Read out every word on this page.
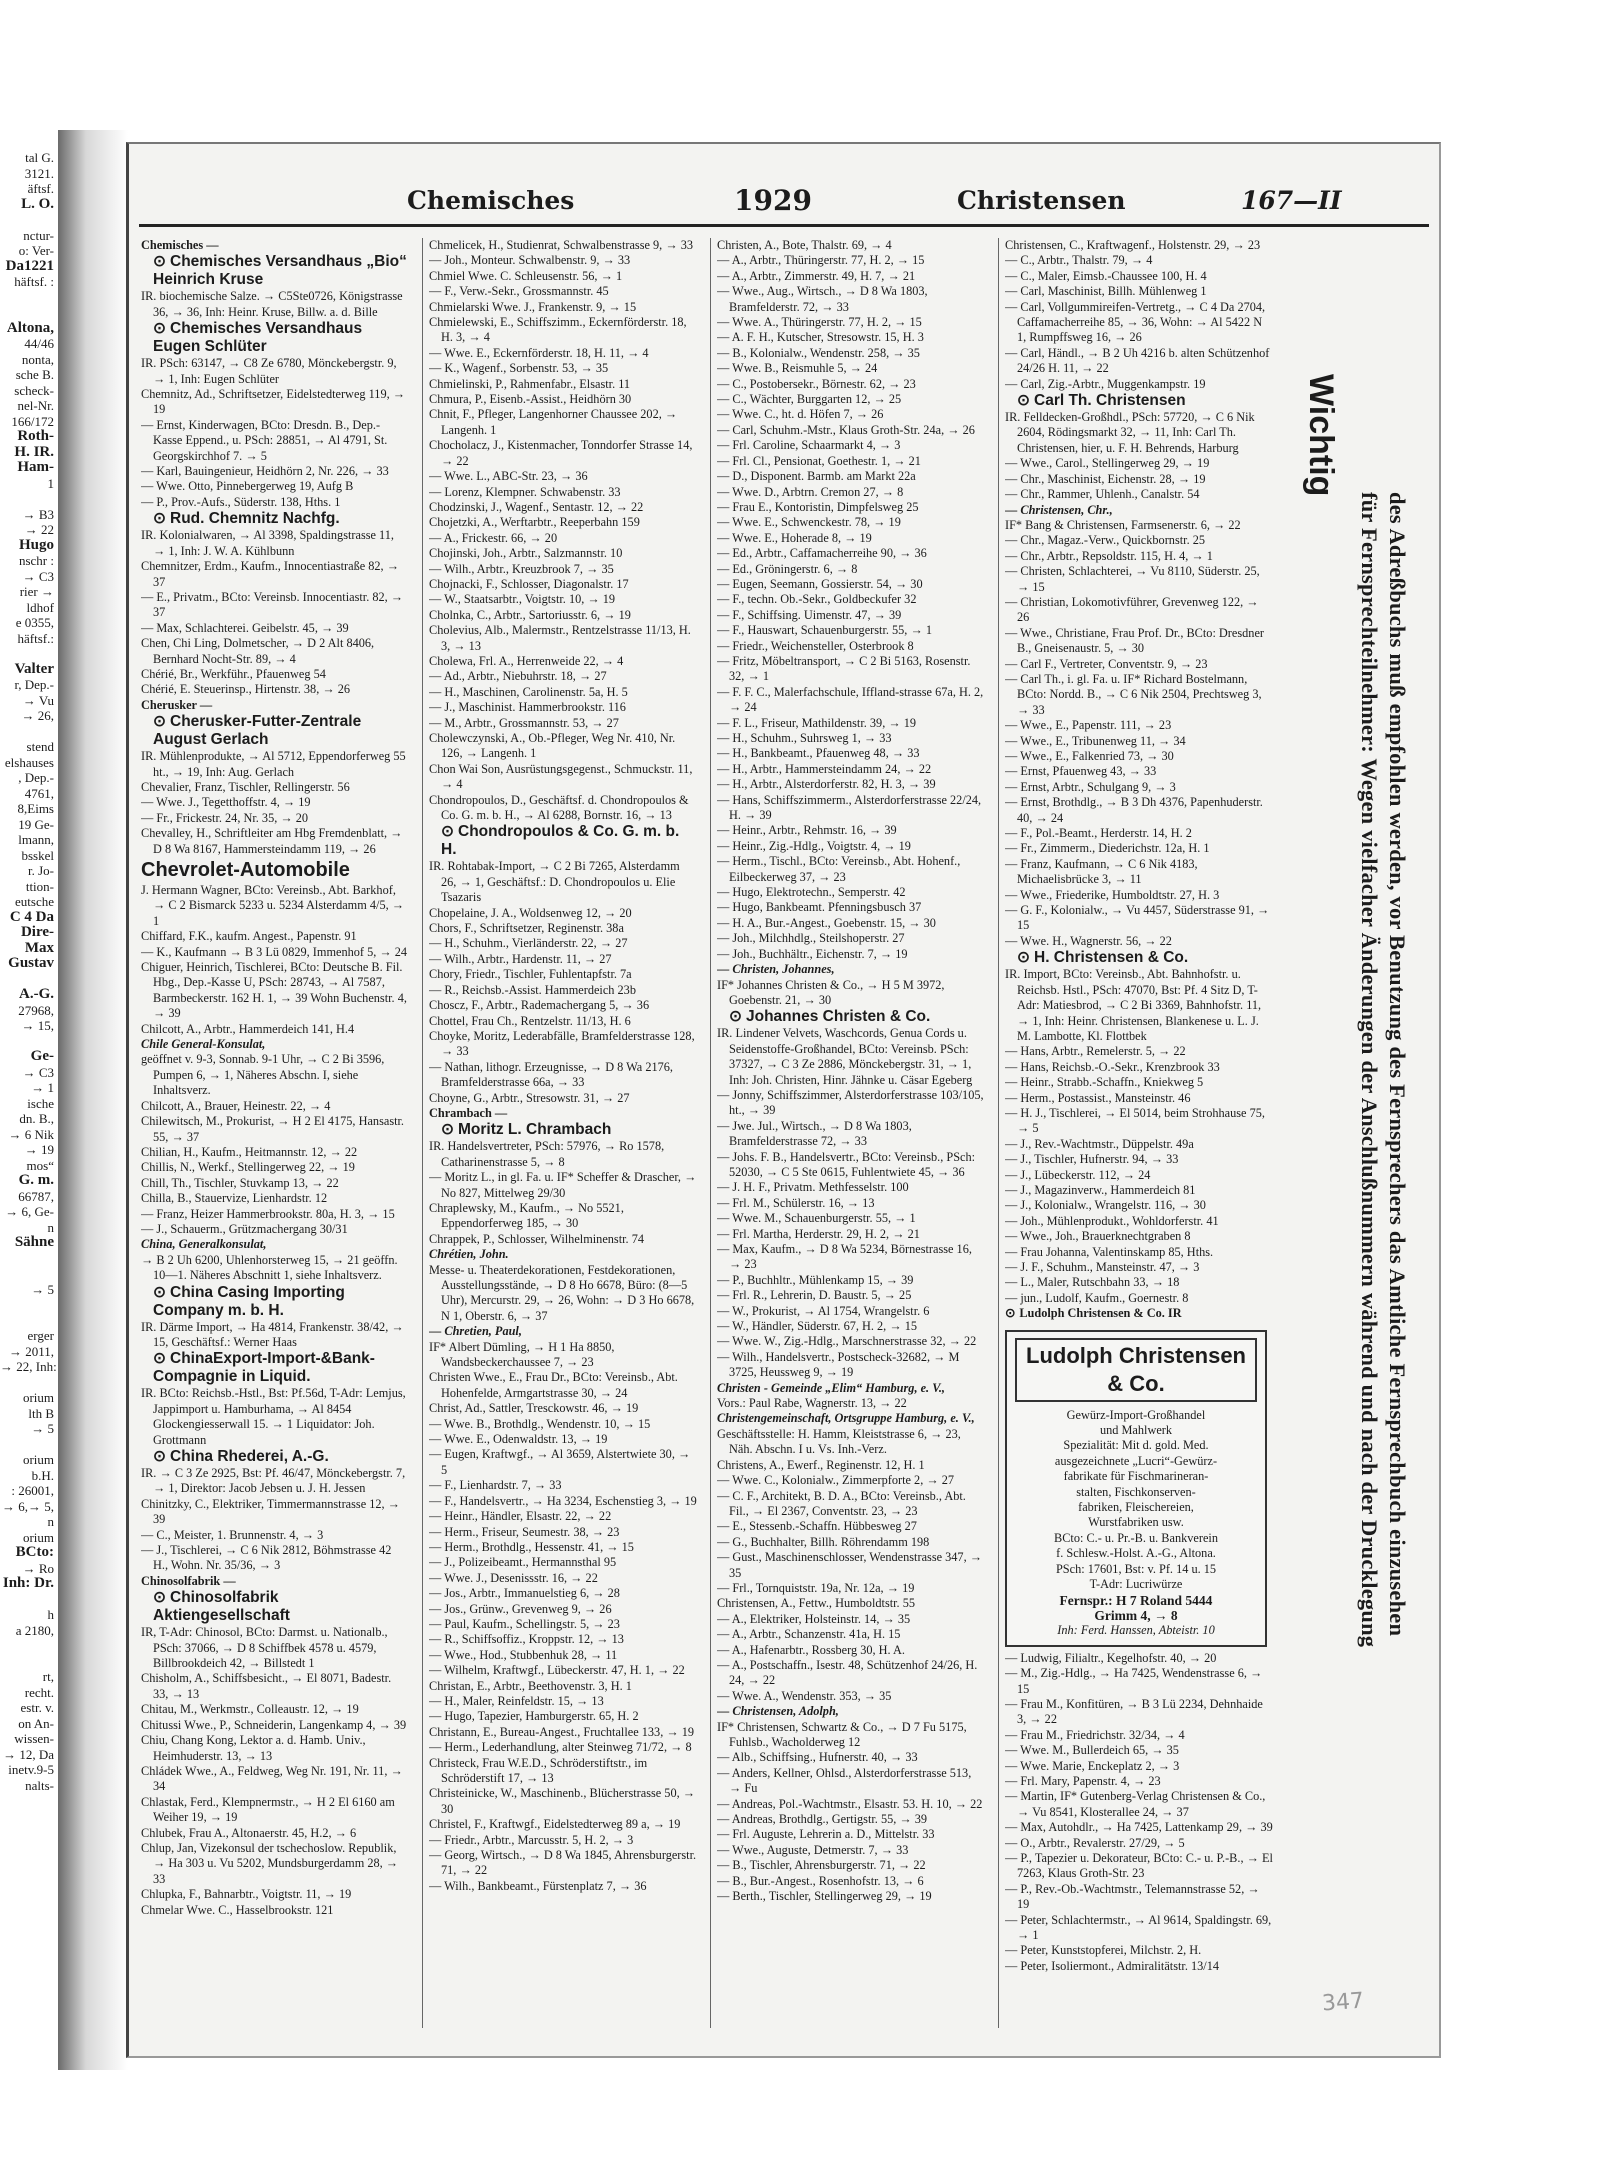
tal G.
3121.
äftsf.
L. O.

nctur-
o: Ver-
Da1221
häftsf. :

Altona,
44/46
nonta,
sche B.
scheck-
nel-Nr.
166/172
Roth-
H. IR.
Ham-
1

→ B3
→ 22
Hugo
nschr :
→ C3
rier →
ldhof
e 0355,
häftsf.:

Valter
r, Dep.-
→ Vu
→ 26,

stend
elshauses
, Dep.-
4761,
8,Eims
19 Ge-
lmann,
bsskel
r. Jo-
ttion-
eutsche
C 4 Da
Dire-
Max
Gustav

A.-G.
27968,
→ 15,

Ge-
→ C3
→ 1
ische
dn. B.,
→ 6 Nik
→ 19
mos“
G. m.
66787,
→ 6, Ge-
n
Sähne

→ 5

erger
→ 2011,
→ 22, Inh:

orium
lth B
→ 5

orium
b.H.
: 26001,
→ 6,→ 5,
n
orium
BCto:
→ Ro
Inh: Dr.

h
a 2180,

rt,
recht.
estr. v.
on An-
wissen-
→ 12, Da
inetv.9-5
nalts-
Chemisches	1929	Christensen	167—II

Chemisches —

⊙ Chemisches Versandhaus „Bio“ Heinrich Kruse

IR. biochemische Salze. → C5Ste0726, Königstrasse 36, → 36, Inh: Heinr. Kruse, Billw. a. d. Bille

⊙ Chemisches Versandhaus Eugen Schlüter

IR. PSch: 63147, → C8 Ze 6780, Mönckebergstr. 9, → 1, Inh: Eugen Schlüter

Chemnitz, Ad., Schriftsetzer, Eidelstedterweg 119, → 19

— Ernst, Kinderwagen, BCto: Dresdn. B., Dep.-Kasse Eppend., u. PSch: 28851, → Al 4791, St. Georgskirchhof 7. → 5

— Karl, Bauingenieur, Heidhörn 2, Nr. 226, → 33

— Wwe. Otto, Pinnebergerweg 19, Aufg B

— P., Prov.-Aufs., Süderstr. 138, Hths. 1

⊙ Rud. Chemnitz Nachfg.

IR. Kolonialwaren, → Al 3398, Spaldingstrasse 11, → 1, Inh: J. W. A. Kühlbunn

Chemnitzer, Erdm., Kaufm., Innocentiastraße 82, → 37

— E., Privatm., BCto: Vereinsb. Innocentiastr. 82, → 37

— Max, Schlachterei. Geibelstr. 45, → 39

Chen, Chi Ling, Dolmetscher, → D 2 Alt 8406, Bernhard Nocht-Str. 89, → 4

Chérié, Br., Werkführ., Pfauenweg 54

Chérié, E. Steuerinsp., Hirtenstr. 38, → 26

Cherusker —

⊙ Cherusker-Futter-Zentrale August Gerlach

IR. Mühlenprodukte, → Al 5712, Eppendorferweg 55 ht., → 19, Inh: Aug. Gerlach

Chevalier, Franz, Tischler, Rellingerstr. 56

— Wwe. J., Tegetthoffstr. 4, → 19

— Fr., Frickestr. 24, Nr. 35, → 20

Chevalley, H., Schriftleiter am Hbg Fremdenblatt, → D 8 Wa 8167, Hammersteindamm 119, → 26

Chevrolet-Automobile

J. Hermann Wagner, BCto: Vereinsb., Abt. Barkhof, → C 2 Bismarck 5233 u. 5234 Alsterdamm 4/5, → 1

Chiffard, F.K., kaufm. Angest., Papenstr. 91

— K., Kaufmann → B 3 Lü 0829, Immenhof 5, → 24

Chiguer, Heinrich, Tischlerei, BCto: Deutsche B. Fil. Hbg., Dep.-Kasse U, PSch: 28743, → Al 7587, Barmbeckerstr. 162 H. 1, → 39 Wohn Buchenstr. 4, → 39

Chilcott, A., Arbtr., Hammerdeich 141, H.4

Chile General-Konsulat,

geöffnet v. 9-3, Sonnab. 9-1 Uhr, → C 2 Bi 3596, Pumpen 6, → 1, Näheres Abschn. I, siehe Inhaltsverz.

Chilcott, A., Brauer, Heinestr. 22, → 4

Chilewitsch, M., Prokurist, → H 2 El 4175, Hansastr. 55, → 37

Chilian, H., Kaufm., Heitmannstr. 12, → 22

Chillis, N., Werkf., Stellingerweg 22, → 19

Chill, Th., Tischler, Stuvkamp 13, → 22

Chilla, B., Stauervize, Lienhardstr. 12

— Franz, Heizer Hammerbrookstr. 80a, H. 3, → 15

— J., Schauerm., Grützmachergang 30/31

China, Generalkonsulat,

→ B 2 Uh 6200, Uhlenhorsterweg 15, → 21 geöffn. 10—1. Näheres Abschnitt 1, siehe Inhaltsverz.

⊙ China Casing Importing Company m. b. H.

IR. Därme Import, → Ha 4814, Frankenstr. 38/42, → 15, Geschäftsf.: Werner Haas

⊙ ChinaExport-Import-&Bank-Compagnie in Liquid.

IR. BCto: Reichsb.-Hstl., Bst: Pf.56d, T-Adr: Lemjus, Jappimport u. Hamburhama, → Al 8454 Glockengiesserwall 15. → 1 Liquidator: Joh. Grottmann

⊙ China Rhederei, A.-G.

IR. → C 3 Ze 2925, Bst: Pf. 46/47, Mönckebergstr. 7, → 1, Direktor: Jacob Jebsen u. J. H. Jessen

Chinitzky, C., Elektriker, Timmermannstrasse 12, → 39

— C., Meister, 1. Brunnenstr. 4, → 3

— J., Tischlerei, → C 6 Nik 2812, Böhmstrasse 42 H., Wohn. Nr. 35/36, → 3

Chinosolfabrik —

⊙ Chinosolfabrik Aktiengesellschaft

IR, T-Adr: Chinosol, BCto: Darmst. u. Nationalb., PSch: 37066, → D 8 Schiffbek 4578 u. 4579, Billbrookdeich 42, → Billstedt 1

Chisholm, A., Schiffsbesicht., → El 8071, Badestr. 33, → 13

Chitau, M., Werkmstr., Colleaustr. 12, → 19

Chitussi Wwe., P., Schneiderin, Langenkamp 4, → 39

Chiu, Chang Kong, Lektor a. d. Hamb. Univ., Heimhuderstr. 13, → 13

Chládek Wwe., A., Feldweg, Weg Nr. 191, Nr. 11, → 34

Chlastak, Ferd., Klempnermstr., → H 2 El 6160 am Weiher 19, → 19

Chlubek, Frau A., Altonaerstr. 45, H.2, → 6

Chlup, Jan, Vizekonsul der tschechoslow. Republik, → Ha 303 u. Vu 5202, Mundsburgerdamm 28, → 33

Chlupka, F., Bahnarbtr., Voigtstr. 11, → 19

Chmelar Wwe. C., Hasselbrookstr. 121

Chmelicek, H., Studienrat, Schwalbenstrasse 9, → 33

— Joh., Monteur. Schwalbenstr. 9, → 33

Chmiel Wwe. C. Schleusenstr. 56, → 1

— F., Verw.-Sekr., Grossmannstr. 45

Chmielarski Wwe. J., Frankenstr. 9, → 15

Chmielewski, E., Schiffszimm., Eckernförderstr. 18, H. 3, → 4

— Wwe. E., Eckernförderstr. 18, H. 11, → 4

— K., Wagenf., Sorbenstr. 53, → 35

Chmielinski, P., Rahmenfabr., Elsastr. 11

Chmura, P., Eisenb.-Assist., Heidhörn 30

Chnit, F., Pfleger, Langenhorner Chaussee 202, → Langenh. 1

Chocholacz, J., Kistenmacher, Tonndorfer Strasse 14, → 22

— Wwe. L., ABC-Str. 23, → 36

— Lorenz, Klempner. Schwabenstr. 33

Chodzinski, J., Wagenf., Sentastr. 12, → 22

Chojetzki, A., Werftarbtr., Reeperbahn 159

— A., Frickestr. 66, → 20

Chojinski, Joh., Arbtr., Salzmannstr. 10

— Wilh., Arbtr., Kreuzbrook 7, → 35

Chojnacki, F., Schlosser, Diagonalstr. 17

— W., Staatsarbtr., Voigtstr. 10, → 19

Cholnka, C., Arbtr., Sartoriusstr. 6, → 19

Cholevius, Alb., Malermstr., Rentzelstrasse 11/13, H. 3, → 13

Cholewa, Frl. A., Herrenweide 22, → 4

— Ad., Arbtr., Niebuhrstr. 18, → 27

— H., Maschinen, Carolinenstr. 5a, H. 5

— J., Maschinist. Hammerbrookstr. 116

— M., Arbtr., Grossmannstr. 53, → 27

Cholewczynski, A., Ob.-Pfleger, Weg Nr. 410, Nr. 126, → Langenh. 1

Chon Wai Son, Ausrüstungsgegenst., Schmuckstr. 11, → 4

Chondropoulos, D., Geschäftsf. d. Chondropoulos & Co. G. m. b. H., → Al 6288, Bornstr. 16, → 13

⊙ Chondropoulos & Co. G. m. b. H.

IR. Rohtabak-Import, → C 2 Bi 7265, Alsterdamm 26, → 1, Geschäftsf.: D. Chondropoulos u. Elie Tsazaris

Chopelaine, J. A., Woldsenweg 12, → 20

Chors, F., Schriftsetzer, Reginenstr. 38a

— H., Schuhm., Vierländerstr. 22, → 27

— Wilh., Arbtr., Hardenstr. 11, → 27

Chory, Friedr., Tischler, Fuhlentapfstr. 7a

— R., Reichsb.-Assist. Hammerdeich 23b

Choscz, F., Arbtr., Rademachergang 5, → 36

Chottel, Frau Ch., Rentzelstr. 11/13, H. 6

Choyke, Moritz, Lederabfälle, Bramfelderstrasse 128, → 33

— Nathan, lithogr. Erzeugnisse, → D 8 Wa 2176, Bramfelderstrasse 66a, → 33

Choyne, G., Arbtr., Stresowstr. 31, → 27

Chrambach —

⊙ Moritz L. Chrambach

IR. Handelsvertreter, PSch: 57976, → Ro 1578, Catharinenstrasse 5, → 8

— Moritz L., in gl. Fa. u. IF* Scheffer & Drascher, → No 827, Mittelweg 29/30

Chraplewsky, M., Kaufm., → No 5521, Eppendorferweg 185, → 30

Chrappek, P., Schlosser, Wilhelminenstr. 74

Chrétien, John.

Messe- u. Theaterdekorationen, Festdekorationen, Ausstellungsstände, → D 8 Ho 6678, Büro: (8—5 Uhr), Mercurstr. 29, → 26, Wohn: → D 3 Ho 6678, N 1, Oberstr. 6, → 37

— Chretien, Paul,

IF* Albert Dümling, → H 1 Ha 8850, Wandsbeckerchaussee 7, → 23

Christen Wwe., E., Frau Dr., BCto: Vereinsb., Abt. Hohenfelde, Armgartstrasse 30, → 24

Christ, Ad., Sattler, Tresckowstr. 46, → 19

— Wwe. B., Brothdlg., Wendenstr. 10, → 15

— Wwe. E., Odenwaldstr. 13, → 19

— Eugen, Kraftwgf., → Al 3659, Alstertwiete 30, → 5

— F., Lienhardstr. 7, → 33

— F., Handelsvertr., → Ha 3234, Eschenstieg 3, → 19

— Heinr., Händler, Elsastr. 22, → 22

— Herm., Friseur, Seumestr. 38, → 23

— Herm., Brothdlg., Hessenstr. 41, → 15

— J., Polizeibeamt., Hermannsthal 95

— Wwe. J., Desenissstr. 16, → 22

— Jos., Arbtr., Immanuelstieg 6, → 28

— Jos., Grünw., Grevenweg 9, → 26

— Paul, Kaufm., Schellingstr. 5, → 23

— R., Schiffsoffiz., Kroppstr. 12, → 13

— Wwe., Hod., Stubbenhuk 28, → 11

— Wilhelm, Kraftwgf., Lübeckerstr. 47, H. 1, → 22

Christan, E., Arbtr., Beethovenstr. 3, H. 1

— H., Maler, Reinfeldstr. 15, → 13

— Hugo, Tapezier, Hamburgerstr. 65, H. 2

Christann, E., Bureau-Angest., Fruchtallee 133, → 19

— Herm., Lederhandlung, alter Steinweg 71/72, → 8

Christeck, Frau W.E.D., Schröderstiftstr., im Schröderstift 17, → 13

Christeinicke, W., Maschinenb., Blücherstrasse 50, → 30

Christel, F., Kraftwgf., Eidelstedterweg 89 a, → 19

— Friedr., Arbtr., Marcusstr. 5, H. 2, → 3

— Georg, Wirtsch., → D 8 Wa 1845, Ahrensburgerstr. 71, → 22

— Wilh., Bankbeamt., Fürstenplatz 7, → 36

Christen, A., Bote, Thalstr. 69, → 4

— A., Arbtr., Thüringerstr. 77, H. 2, → 15

— A., Arbtr., Zimmerstr. 49, H. 7, → 21

— Wwe., Aug., Wirtsch., → D 8 Wa 1803, Bramfelderstr. 72, → 33

— Wwe. A., Thüringerstr. 77, H. 2, → 15

— A. F. H., Kutscher, Stresowstr. 15, H. 3

— B., Kolonialw., Wendenstr. 258, → 35

— Wwe. B., Reismuhle 5, → 24

— C., Postobersekr., Börnestr. 62, → 23

— C., Wächter, Burggarten 12, → 25

— Wwe. C., ht. d. Höfen 7, → 26

— Carl, Schuhm.-Mstr., Klaus Groth-Str. 24a, → 26

— Frl. Caroline, Schaarmarkt 4, → 3

— Frl. Cl., Pensionat, Goethestr. 1, → 21

— D., Disponent. Barmb. am Markt 22a

— Wwe. D., Arbtrn. Cremon 27, → 8

— Frau E., Kontoristin, Dimpfelsweg 25

— Wwe. E., Schwenckestr. 78, → 19

— Wwe. E., Hoherade 8, → 19

— Ed., Arbtr., Caffamacherreihe 90, → 36

— Ed., Gröningerstr. 6, → 8

— Eugen, Seemann, Gossierstr. 54, → 30

— F., techn. Ob.-Sekr., Goldbeckufer 32

— F., Schiffsing. Uimenstr. 47, → 39

— F., Hauswart, Schauenburgerstr. 55, → 1

— Friedr., Weichensteller, Osterbrook 8

— Fritz, Möbeltransport, → C 2 Bi 5163, Rosenstr. 32, → 1

— F. F. C., Malerfachschule, Iffland-strasse 67a, H. 2, → 24

— F. L., Friseur, Mathildenstr. 39, → 19

— H., Schuhm., Suhrsweg 1, → 33

— H., Bankbeamt., Pfauenweg 48, → 33

— H., Arbtr., Hammersteindamm 24, → 22

— H., Arbtr., Alsterdorferstr. 82, H. 3, → 39

— Hans, Schiffszimmerm., Alsterdorferstrasse 22/24, H. → 39

— Heinr., Arbtr., Rehmstr. 16, → 39

— Heinr., Zig.-Hdlg., Voigtstr. 4, → 19

— Herm., Tischl., BCto: Vereinsb., Abt. Hohenf., Eilbeckerweg 37, → 23

— Hugo, Elektrotechn., Semperstr. 42

— Hugo, Bankbeamt. Pfenningsbusch 37

— H. A., Bur.-Angest., Goebenstr. 15, → 30

— Joh., Milchhdlg., Steilshoperstr. 27

— Joh., Buchhältr., Eichenstr. 7, → 19

— Christen, Johannes,

IF* Johannes Christen & Co., → H 5 M 3972, Goebenstr. 21, → 30

⊙ Johannes Christen & Co.

IR. Lindener Velvets, Waschcords, Genua Cords u. Seidenstoffe-Großhandel, BCto: Vereinsb. PSch: 37327, → C 3 Ze 2886, Mönckebergstr. 31, → 1, Inh: Joh. Christen, Hinr. Jähnke u. Cäsar Egeberg

— Jonny, Schiffszimmer, Alsterdorferstrasse 103/105, ht., → 39

— Jwe. Jul., Wirtsch., → D 8 Wa 1803, Bramfelderstrasse 72, → 33

— Johs. F. B., Handelsvertr., BCto: Vereinsb., PSch: 52030, → C 5 Ste 0615, Fuhlentwiete 45, → 36

— J. H. F., Privatm. Methfesselstr. 100

— Frl. M., Schülerstr. 16, → 13

— Wwe. M., Schauenburgerstr. 55, → 1

— Frl. Martha, Herderstr. 29, H. 2, → 21

— Max, Kaufm., → D 8 Wa 5234, Börnestrasse 16, → 23

— P., Buchhltr., Mühlenkamp 15, → 39

— Frl. R., Lehrerin, D. Baustr. 5, → 25

— W., Prokurist, → Al 1754, Wrangelstr. 6

— W., Händler, Süderstr. 67, H. 2, → 15

— Wwe. W., Zig.-Hdlg., Marschnerstrasse 32, → 22

— Wilh., Handelsvertr., Postscheck-32682, → M 3725, Heussweg 9, → 19

Christen - Gemeinde „Elim“ Hamburg, e. V.,

Vors.: Paul Rabe, Wagnerstr. 13, → 22

Christengemeinschaft, Ortsgruppe Hamburg, e. V.,

Geschäftsstelle: H. Hamm, Kleiststrasse 6, → 23, Näh. Abschn. I u. Vs. Inh.-Verz.

Christens, A., Ewerf., Reginenstr. 12, H. 1

— Wwe. C., Kolonialw., Zimmerpforte 2, → 27

— C. F., Architekt, B. D. A., BCto: Vereinsb., Abt. Fil., → El 2367, Conventstr. 23, → 23

— E., Stessenb.-Schaffn. Hübbesweg 27

— G., Buchhalter, Billh. Röhrendamm 198

— Gust., Maschinenschlosser, Wendenstrasse 347, → 35

— Frl., Tornquiststr. 19a, Nr. 12a, → 19

Christensen, A., Fettw., Humboldtstr. 55

— A., Elektriker, Holsteinstr. 14, → 35

— A., Arbtr., Schanzenstr. 41a, H. 15

— A., Hafenarbtr., Rossberg 30, H. A.

— A., Postschaffn., Isestr. 48, Schützenhof 24/26, H. 24, → 22

— Wwe. A., Wendenstr. 353, → 35

— Christensen, Adolph,

IF* Christensen, Schwartz & Co., → D 7 Fu 5175, Fuhlsb., Wacholderweg 12

— Alb., Schiffsing., Hufnerstr. 40, → 33

— Anders, Kellner, Ohlsd., Alsterdorferstrasse 513, → Fu

— Andreas, Pol.-Wachtmstr., Elsastr. 53. H. 10, → 22

— Andreas, Brothdlg., Gertigstr. 55, → 39

— Frl. Auguste, Lehrerin a. D., Mittelstr. 33

— Wwe., Auguste, Detmerstr. 7, → 33

— B., Tischler, Ahrensburgerstr. 71, → 22

— B., Bur.-Angest., Rosenhofstr. 13, → 6

— Berth., Tischler, Stellingerweg 29, → 19

Christensen, C., Kraftwagenf., Holstenstr. 29, → 23

— C., Arbtr., Thalstr. 79, → 4

— C., Maler, Eimsb.-Chaussee 100, H. 4

— Carl, Maschinist, Billh. Mühlenweg 1

— Carl, Vollgummireifen-Vertretg., → C 4 Da 2704, Caffamacherreihe 85, → 36, Wohn: → Al 5422 N 1, Rumpffsweg 16, → 26

— Carl, Händl., → B 2 Uh 4216 b. alten Schützenhof 24/26 H. 11, → 22

— Carl, Zig.-Arbtr., Muggenkampstr. 19

⊙ Carl Th. Christensen

IR. Felldecken-Großhdl., PSch: 57720, → C 6 Nik 2604, Rödingsmarkt 32, → 11, Inh: Carl Th. Christensen, hier, u. F. H. Behrends, Harburg

— Wwe., Carol., Stellingerweg 29, → 19

— Chr., Maschinist, Eichenstr. 28, → 19

— Chr., Rammer, Uhlenh., Canalstr. 54

— Christensen, Chr.,

IF* Bang & Christensen, Farmsenerstr. 6, → 22

— Chr., Magaz.-Verw., Quickbornstr. 25

— Chr., Arbtr., Repsoldstr. 115, H. 4, → 1

— Christen, Schlachterei, → Vu 8110, Süderstr. 25, → 15

— Christian, Lokomotivführer, Grevenweg 122, → 26

— Wwe., Christiane, Frau Prof. Dr., BCto: Dresdner B., Gneisenaustr. 5, → 30

— Carl F., Vertreter, Conventstr. 9, → 23

— Carl Th., i. gl. Fa. u. IF* Richard Bostelmann, BCto: Nordd. B., → C 6 Nik 2504, Prechtsweg 3, → 33

— Wwe., E., Papenstr. 111, → 23

— Wwe., E., Tribunenweg 11, → 34

— Wwe., E., Falkenried 73, → 30

— Ernst, Pfauenweg 43, → 33

— Ernst, Arbtr., Schulgang 9, → 3

— Ernst, Brothdlg., → B 3 Dh 4376, Papenhuderstr. 40, → 24

— F., Pol.-Beamt., Herderstr. 14, H. 2

— Fr., Zimmerm., Diederichstr. 12a, H. 1

— Franz, Kaufmann, → C 6 Nik 4183, Michaelisbrücke 3, → 11

— Wwe., Friederike, Humboldtstr. 27, H. 3

— G. F., Kolonialw., → Vu 4457, Süderstrasse 91, → 15

— Wwe. H., Wagnerstr. 56, → 22

⊙ H. Christensen & Co.

IR. Import, BCto: Vereinsb., Abt. Bahnhofstr. u. Reichsb. Hstl., PSch: 47070, Bst: Pf. 4 Sitz D, T-Adr: Matiesbrod, → C 2 Bi 3369, Bahnhofstr. 11, → 1, Inh: Heinr. Christensen, Blankenese u. L. J. M. Lambotte, Kl. Flottbek

— Hans, Arbtr., Remelerstr. 5, → 22

— Hans, Reichsb.-O.-Sekr., Krenzbrook 33

— Heinr., Strabb.-Schaffn., Kniekweg 5

— Herm., Postassist., Mansteinstr. 46

— H. J., Tischlerei, → El 5014, beim Strohhause 75, → 5

— J., Rev.-Wachtmstr., Düppelstr. 49a

— J., Tischler, Hufnerstr. 94, → 33

— J., Lübeckerstr. 112, → 24

— J., Magazinverw., Hammerdeich 81

— J., Kolonialw., Wrangelstr. 116, → 30

— Joh., Mühlenprodukt., Wohldorferstr. 41

— Wwe., Joh., Brauerknechtgraben 8

— Frau Johanna, Valentinskamp 85, Hths.

— J. F., Schuhm., Mansteinstr. 47, → 3

— L., Maler, Rutschbahn 33, → 18

— jun., Ludolf, Kaufm., Goernestr. 8

⊙ Ludolph Christensen & Co. IR

Ludolph Christensen & Co.
Gewürz-Import-Großhandel
und Mahlwerk
Spezialität: Mit d. gold. Med.
ausgezeichnete „Lucri“-Gewürz-
fabrikate für Fischmarineran-
stalten, Fischkonserven-
fabriken, Fleischereien,
Wurstfabriken usw.
BCto: C.- u. Pr.-B. u. Bankverein
f. Schlesw.-Holst. A.-G., Altona.
PSch: 17601, Bst: v. Pf. 14 u. 15
T-Adr: Lucriwürze
Fernspr.: H 7 Roland 5444
Grimm 4, → 8
Inh: Ferd. Hanssen, Abteistr. 10

— Ludwig, Filialtr., Kegelhofstr. 40, → 20

— M., Zig.-Hdlg., → Ha 7425, Wendenstrasse 6, → 15

— Frau M., Konfitüren, → B 3 Lü 2234, Dehnhaide 3, → 22

— Frau M., Friedrichstr. 32/34, → 4

— Wwe. M., Bullerdeich 65, → 35

— Wwe. Marie, Enckeplatz 2, → 3

— Frl. Mary, Papenstr. 4, → 23

— Martin, IF* Gutenberg-Verlag Christensen & Co., → Vu 8541, Klosterallee 24, → 37

— Max, Autohdlr., → Ha 7425, Lattenkamp 29, → 39

— O., Arbtr., Revalerstr. 27/29, → 5

— P., Tapezier u. Dekorateur, BCto: C.- u. P.-B., → El 7263, Klaus Groth-Str. 23

— P., Rev.-Ob.-Wachtmstr., Telemannstrasse 52, → 19

— Peter, Schlachtermstr., → Al 9614, Spaldingstr. 69, → 1

— Peter, Kunststopferei, Milchstr. 2, H.

— Peter, Isoliermont., Admiralitätstr. 13/14

Wichtig
für Fernsprechteilnehmer: Wegen vielfacher Änderungen der Anschlußnummern während und nach der Drucklegung des Adreßbuchs muß empfohlen werden, vor Benutzung des Fernsprechers das Amtliche Fernsprechbuch einzusehen
347
